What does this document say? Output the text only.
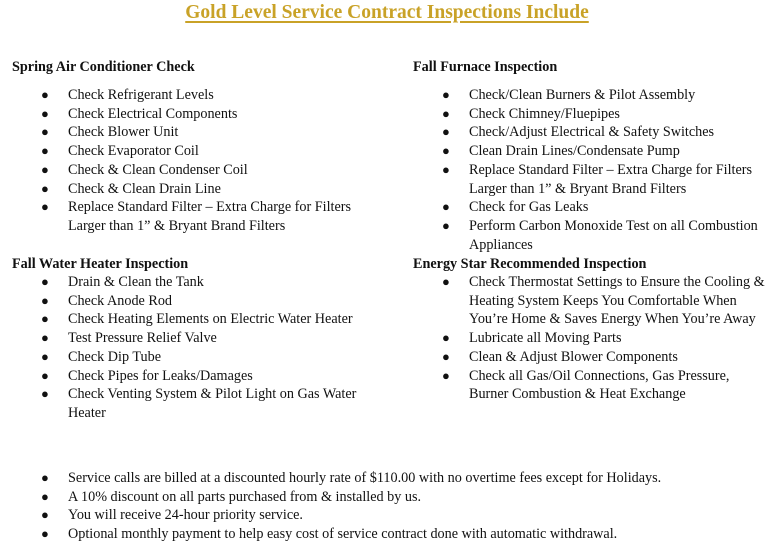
Gold Level Service Contract Inspections Include
Spring Air Conditioner Check
● Check Refrigerant Levels
● Check Electrical Components
● Check Blower Unit
● Check Evaporator Coil
● Check & Clean Condenser Coil
● Check & Clean Drain Line
● Replace Standard Filter – Extra Charge for Filters Larger than 1” & Bryant Brand Filters
Fall Water Heater Inspection
● Drain & Clean the Tank
● Check Anode Rod
● Check Heating Elements on Electric Water Heater
● Test Pressure Relief Valve
● Check Dip Tube
● Check Pipes for Leaks/Damages
● Check Venting System & Pilot Light on Gas Water Heater
Fall Furnace Inspection
● Check/Clean Burners & Pilot Assembly
● Check Chimney/Fluepipes
● Check/Adjust Electrical & Safety Switches
● Clean Drain Lines/Condensate Pump
● Replace Standard Filter – Extra Charge for Filters Larger than 1” & Bryant Brand Filters
● Check for Gas Leaks
● Perform Carbon Monoxide Test on all Combustion Appliances
Energy Star Recommended Inspection
● Check Thermostat Settings to Ensure the Cooling & Heating System Keeps You Comfortable When You’re Home & Saves Energy When You’re Away
● Lubricate all Moving Parts
● Clean & Adjust Blower Components
● Check all Gas/Oil Connections, Gas Pressure, Burner Combustion & Heat Exchange
● Service calls are billed at a discounted hourly rate of $110.00 with no overtime fees except for Holidays.
● A 10% discount on all parts purchased from & installed by us.
● You will receive 24-hour priority service.
● Optional monthly payment to help easy cost of service contract done with automatic withdrawal.
